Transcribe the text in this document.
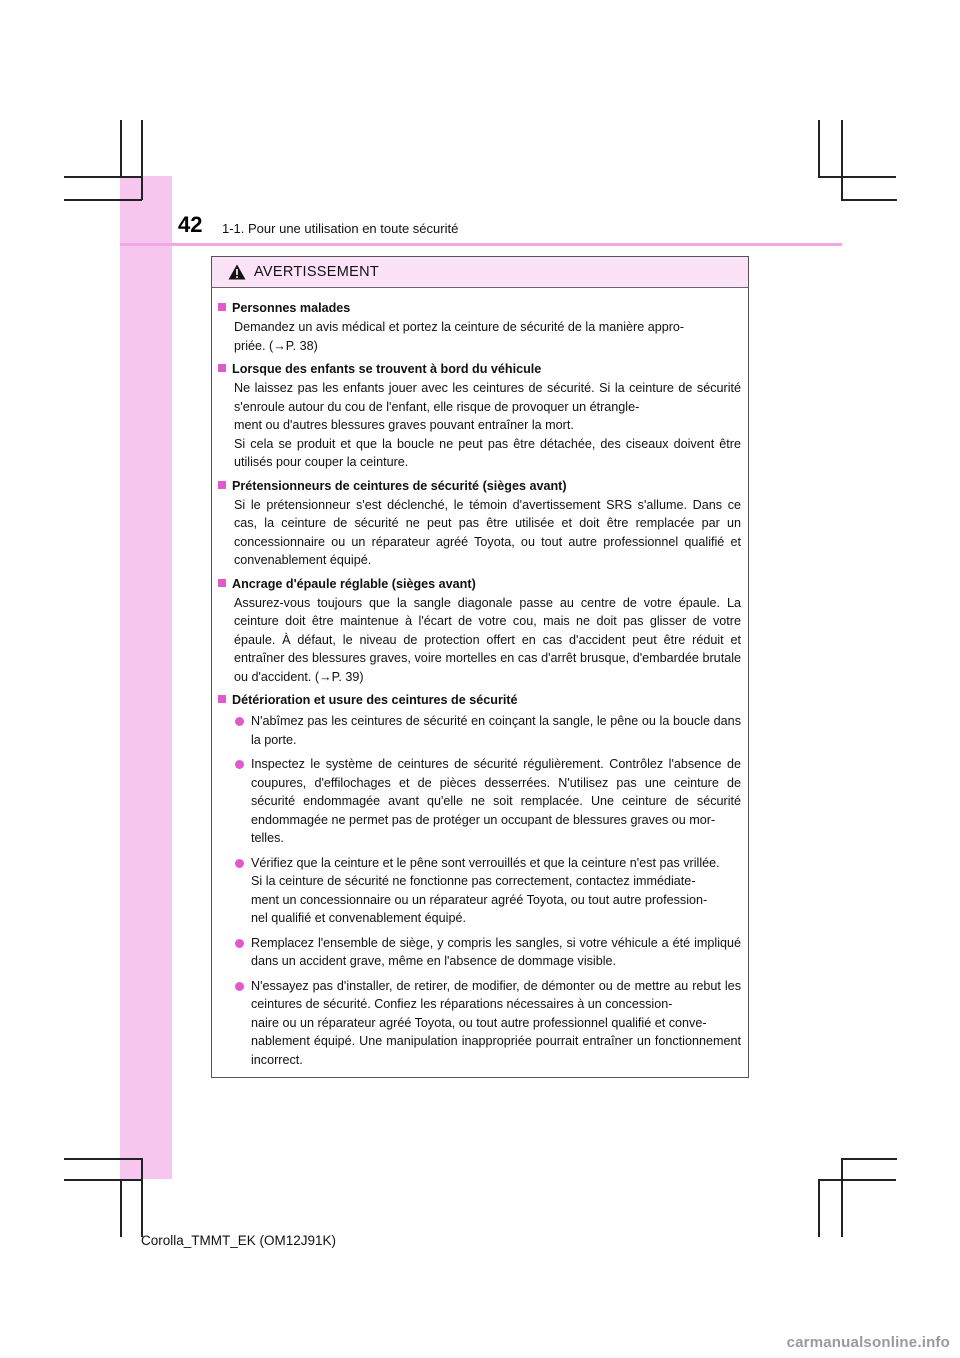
42 1-1. Pour une utilisation en toute sécurité
AVERTISSEMENT
Personnes malades
Demandez un avis médical et portez la ceinture de sécurité de la manière appro-
priée. (→P. 38)
Lorsque des enfants se trouvent à bord du véhicule
Ne laissez pas les enfants jouer avec les ceintures de sécurité. Si la ceinture de sécurité s'enroule autour du cou de l'enfant, elle risque de provoquer un étrangle-
ment ou d'autres blessures graves pouvant entraîner la mort.
Si cela se produit et que la boucle ne peut pas être détachée, des ciseaux doivent être utilisés pour couper la ceinture.
Prétensionneurs de ceintures de sécurité (sièges avant)
Si le prétensionneur s'est déclenché, le témoin d'avertissement SRS s'allume. Dans ce cas, la ceinture de sécurité ne peut pas être utilisée et doit être remplacée par un concessionnaire ou un réparateur agréé Toyota, ou tout autre professionnel qualifié et convenablement équipé.
Ancrage d'épaule réglable (sièges avant)
Assurez-vous toujours que la sangle diagonale passe au centre de votre épaule. La ceinture doit être maintenue à l'écart de votre cou, mais ne doit pas glisser de votre épaule. À défaut, le niveau de protection offert en cas d'accident peut être réduit et entraîner des blessures graves, voire mortelles en cas d'arrêt brusque, d'embardée brutale ou d'accident. (→P. 39)
Détérioration et usure des ceintures de sécurité
N'abîmez pas les ceintures de sécurité en coinçant la sangle, le pêne ou la boucle dans la porte.
Inspectez le système de ceintures de sécurité régulièrement. Contrôlez l'absence de coupures, d'effilochages et de pièces desserrées. N'utilisez pas une ceinture de sécurité endommagée avant qu'elle ne soit remplacée. Une ceinture de sécurité endommagée ne permet pas de protéger un occupant de blessures graves ou mor-
telles.
Vérifiez que la ceinture et le pêne sont verrouillés et que la ceinture n'est pas vrillée.
Si la ceinture de sécurité ne fonctionne pas correctement, contactez immédiate-
ment un concessionnaire ou un réparateur agréé Toyota, ou tout autre profession-
nel qualifié et convenablement équipé.
Remplacez l'ensemble de siège, y compris les sangles, si votre véhicule a été impliqué dans un accident grave, même en l'absence de dommage visible.
N'essayez pas d'installer, de retirer, de modifier, de démonter ou de mettre au rebut les ceintures de sécurité. Confiez les réparations nécessaires à un concession-
naire ou un réparateur agréé Toyota, ou tout autre professionnel qualifié et conve-
nablement équipé. Une manipulation inappropriée pourrait entraîner un fonctionnement incorrect.
Corolla_TMMT_EK (OM12J91K)
carmanualsonline.info
